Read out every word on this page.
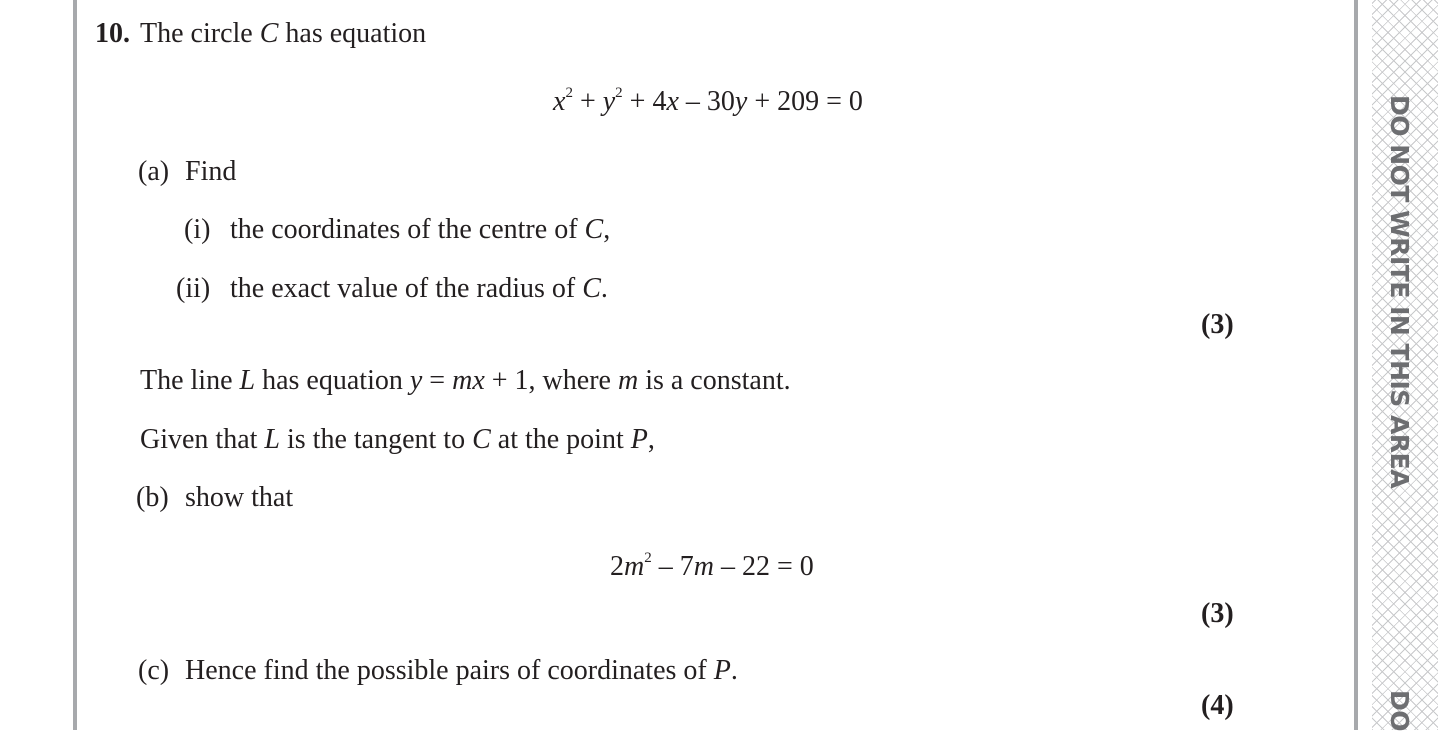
DO NOT WRITE IN THIS AREA
DO
10. The circle C has equation
$x^2 + y^2 + 4x - 30y + 209 = 0$
(a) Find
(i) the coordinates of the centre of C,
(ii) the exact value of the radius of C.
(3)
The line L has equation y = mx + 1, where m is a constant.
Given that L is the tangent to C at the point P,
(b) show that
$2m^2 - 7m - 22 = 0$
(3)
(c) Hence find the possible pairs of coordinates of P.
(4)
